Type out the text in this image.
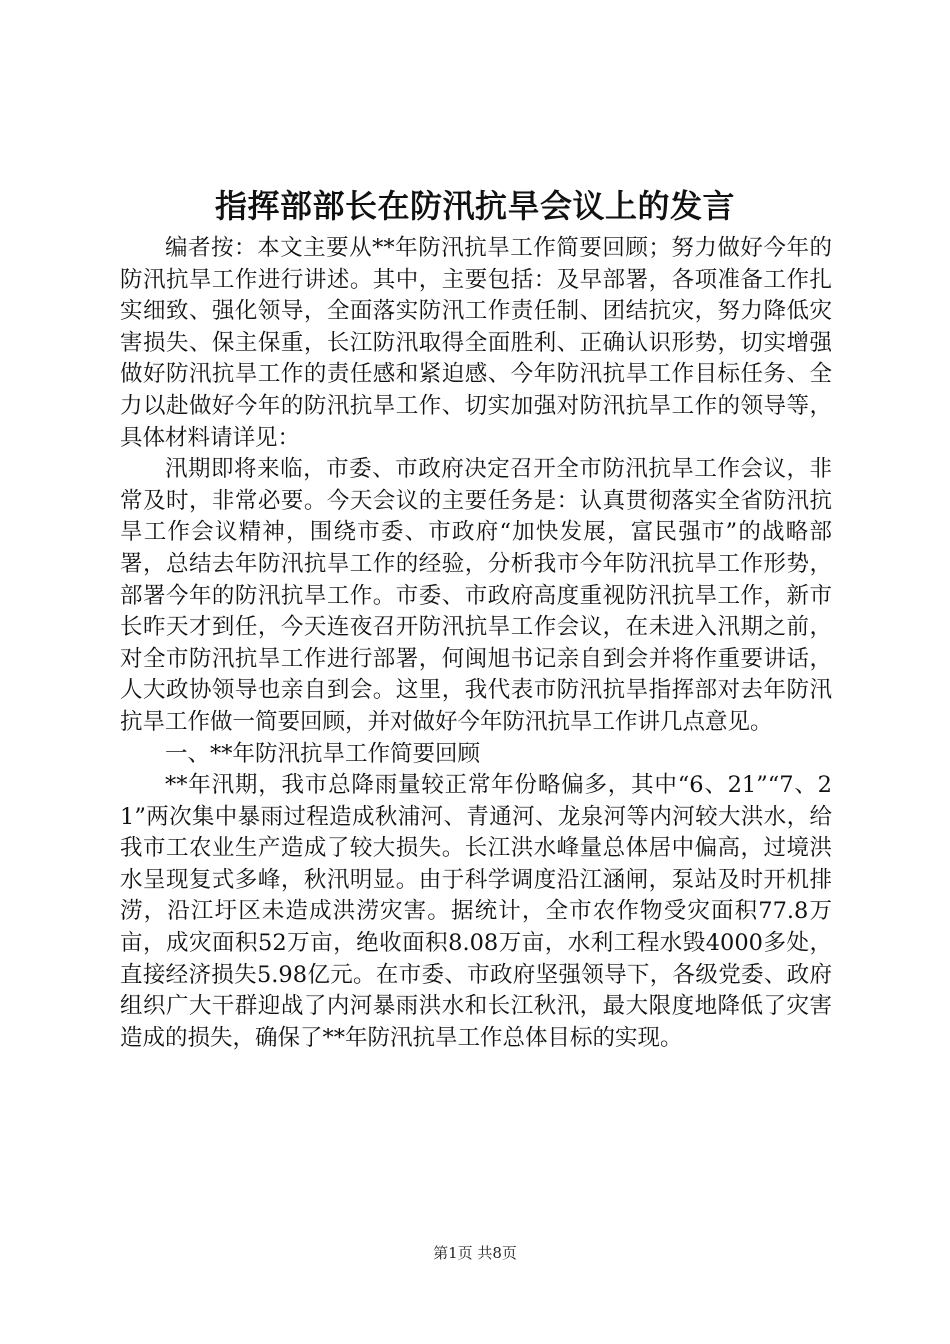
指挥部部长在防汛抗旱会议上的发言

编者按：本文主要从**年防汛抗旱工作简要回顾；努力做好今年的防汛抗旱工作进行讲述。其中，主要包括：及早部署，各项准备工作扎实细致、强化领导，全面落实防汛工作责任制、团结抗灾，努力降低灾害损失、保主保重，长江防汛取得全面胜利、正确认识形势，切实增强做好防汛抗旱工作的责任感和紧迫感、今年防汛抗旱工作目标任务、全力以赴做好今年的防汛抗旱工作、切实加强对防汛抗旱工作的领导等，具体材料请详见：

汛期即将来临，市委、市政府决定召开全市防汛抗旱工作会议，非常及时，非常必要。今天会议的主要任务是：认真贯彻落实全省防汛抗旱工作会议精神，围绕市委、市政府“加快发展，富民强市”的战略部署，总结去年防汛抗旱工作的经验，分析我市今年防汛抗旱工作形势，部署今年的防汛抗旱工作。市委、市政府高度重视防汛抗旱工作，新市长昨天才到任，今天连夜召开防汛抗旱工作会议，在未进入汛期之前，对全市防汛抗旱工作进行部署，何闽旭书记亲自到会并将作重要讲话，人大政协领导也亲自到会。这里，我代表市防汛抗旱指挥部对去年防汛抗旱工作做一简要回顾，并对做好今年防汛抗旱工作讲几点意见。

一、**年防汛抗旱工作简要回顾

**年汛期，我市总降雨量较正常年份略偏多，其中“6、21”“7、21”两次集中暴雨过程造成秋浦河、青通河、龙泉河等内河较大洪水，给我市工农业生产造成了较大损失。长江洪水峰量总体居中偏高，过境洪水呈现复式多峰，秋汛明显。由于科学调度沿江涵闸，泵站及时开机排涝，沿江圩区未造成洪涝灾害。据统计，全市农作物受灾面积77.8万亩，成灾面积52万亩，绝收面积8.08万亩，水利工程水毁4000多处，直接经济损失5.98亿元。在市委、市政府坚强领导下，各级党委、政府组织广大干群迎战了内河暴雨洪水和长江秋汛，最大限度地降低了灾害造成的损失，确保了**年防汛抗旱工作总体目标的实现。

第1页 共8页
